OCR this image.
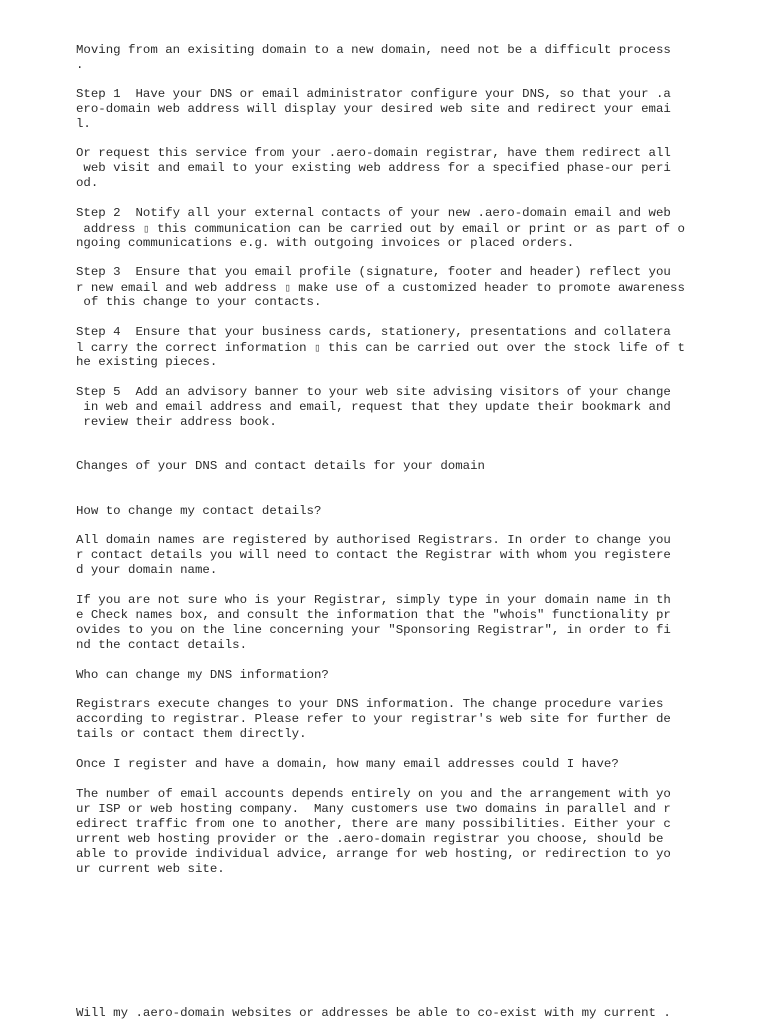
Moving from an exisiting domain to a new domain, need not be a difficult process

.

Step 1  Have your DNS or email administrator configure your DNS, so that your .a

ero-domain web address will display your desired web site and redirect your emai

l.

Or request this service from your .aero-domain registrar, have them redirect all

web visit and email to your existing web address for a specified phase-our peri

od.

Step 2  Notify all your external contacts of your new .aero-domain email and web

address ▯ this communication can be carried out by email or print or as part of o

ngoing communications e.g. with outgoing invoices or placed orders.

Step 3  Ensure that you email profile (signature, footer and header) reflect you

r new email and web address ▯ make use of a customized header to promote awareness

of this change to your contacts.

Step 4  Ensure that your business cards, stationery, presentations and collatera

l carry the correct information ▯ this can be carried out over the stock life of t

he existing pieces.

Step 5  Add an advisory banner to your web site advising visitors of your change

in web and email address and email, request that they update their bookmark and

review their address book.

Changes of your DNS and contact details for your domain

How to change my contact details?

All domain names are registered by authorised Registrars. In order to change you

r contact details you will need to contact the Registrar with whom you registere

d your domain name.

If you are not sure who is your Registrar, simply type in your domain name in th

e Check names box, and consult the information that the "whois" functionality pr

ovides to you on the line concerning your "Sponsoring Registrar", in order to fi

nd the contact details.

Who can change my DNS information?

Registrars execute changes to your DNS information. The change procedure varies

according to registrar. Please refer to your registrar's web site for further de

tails or contact them directly.

Once I register and have a domain, how many email addresses could I have?

The number of email accounts depends entirely on you and the arrangement with yo

ur ISP or web hosting company.  Many customers use two domains in parallel and r

edirect traffic from one to another, there are many possibilities. Either your c

urrent web hosting provider or the .aero-domain registrar you choose, should be

able to provide individual advice, arrange for web hosting, or redirection to yo

ur current web site.

Will my .aero-domain websites or addresses be able to co-exist with my current .
